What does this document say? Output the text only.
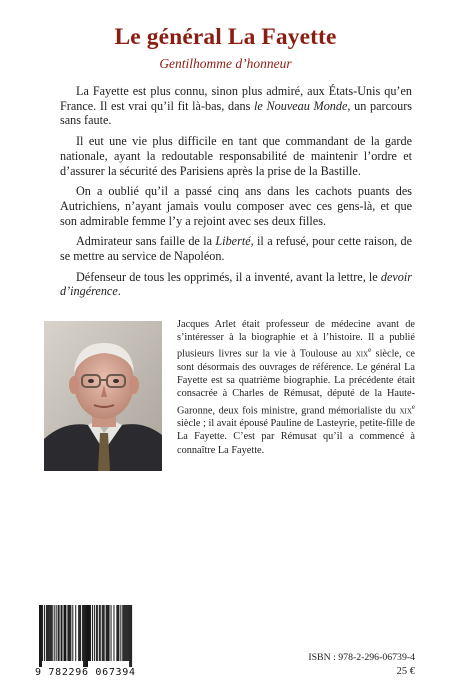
Le général La Fayette
Gentilhomme d’honneur

La Fayette est plus connu, sinon plus admiré, aux États-Unis qu’en France. Il est vrai qu’il fit là-bas, dans le Nouveau Monde, un parcours sans faute.

Il eut une vie plus difficile en tant que commandant de la garde nationale, ayant la redoutable responsabilité de maintenir l’ordre et d’assurer la sécurité des Parisiens après la prise de la Bastille.

On a oublié qu’il a passé cinq ans dans les cachots puants des Autrichiens, n’ayant jamais voulu composer avec ces gens-là, et que son admirable femme l’y a rejoint avec ses deux filles.

Admirateur sans faille de la Liberté, il a refusé, pour cette raison, de se mettre au service de Napoléon.

Défenseur de tous les opprimés, il a inventé, avant la lettre, le devoir d’ingérence.

Jacques Arlet était professeur de médecine avant de s’intéresser à la biographie et à l’histoire. Il a publié plusieurs livres sur la vie à Toulouse au xix$^e$ siècle, ce sont désormais des ouvrages de référence. Le général La Fayette est sa quatrième biographie. La précédente était consacrée à Charles de Rémusat, député de la Haute-Garonne, deux fois ministre, grand mémorialiste du xix$^e$ siècle ; il avait épousé Pauline de Lasteyrie, petite-fille de La Fayette. C’est par Rémusat qu’il a commencé à connaître La Fayette.
9 782296 067394
ISBN : 978-2-296-06739-4
25 €
